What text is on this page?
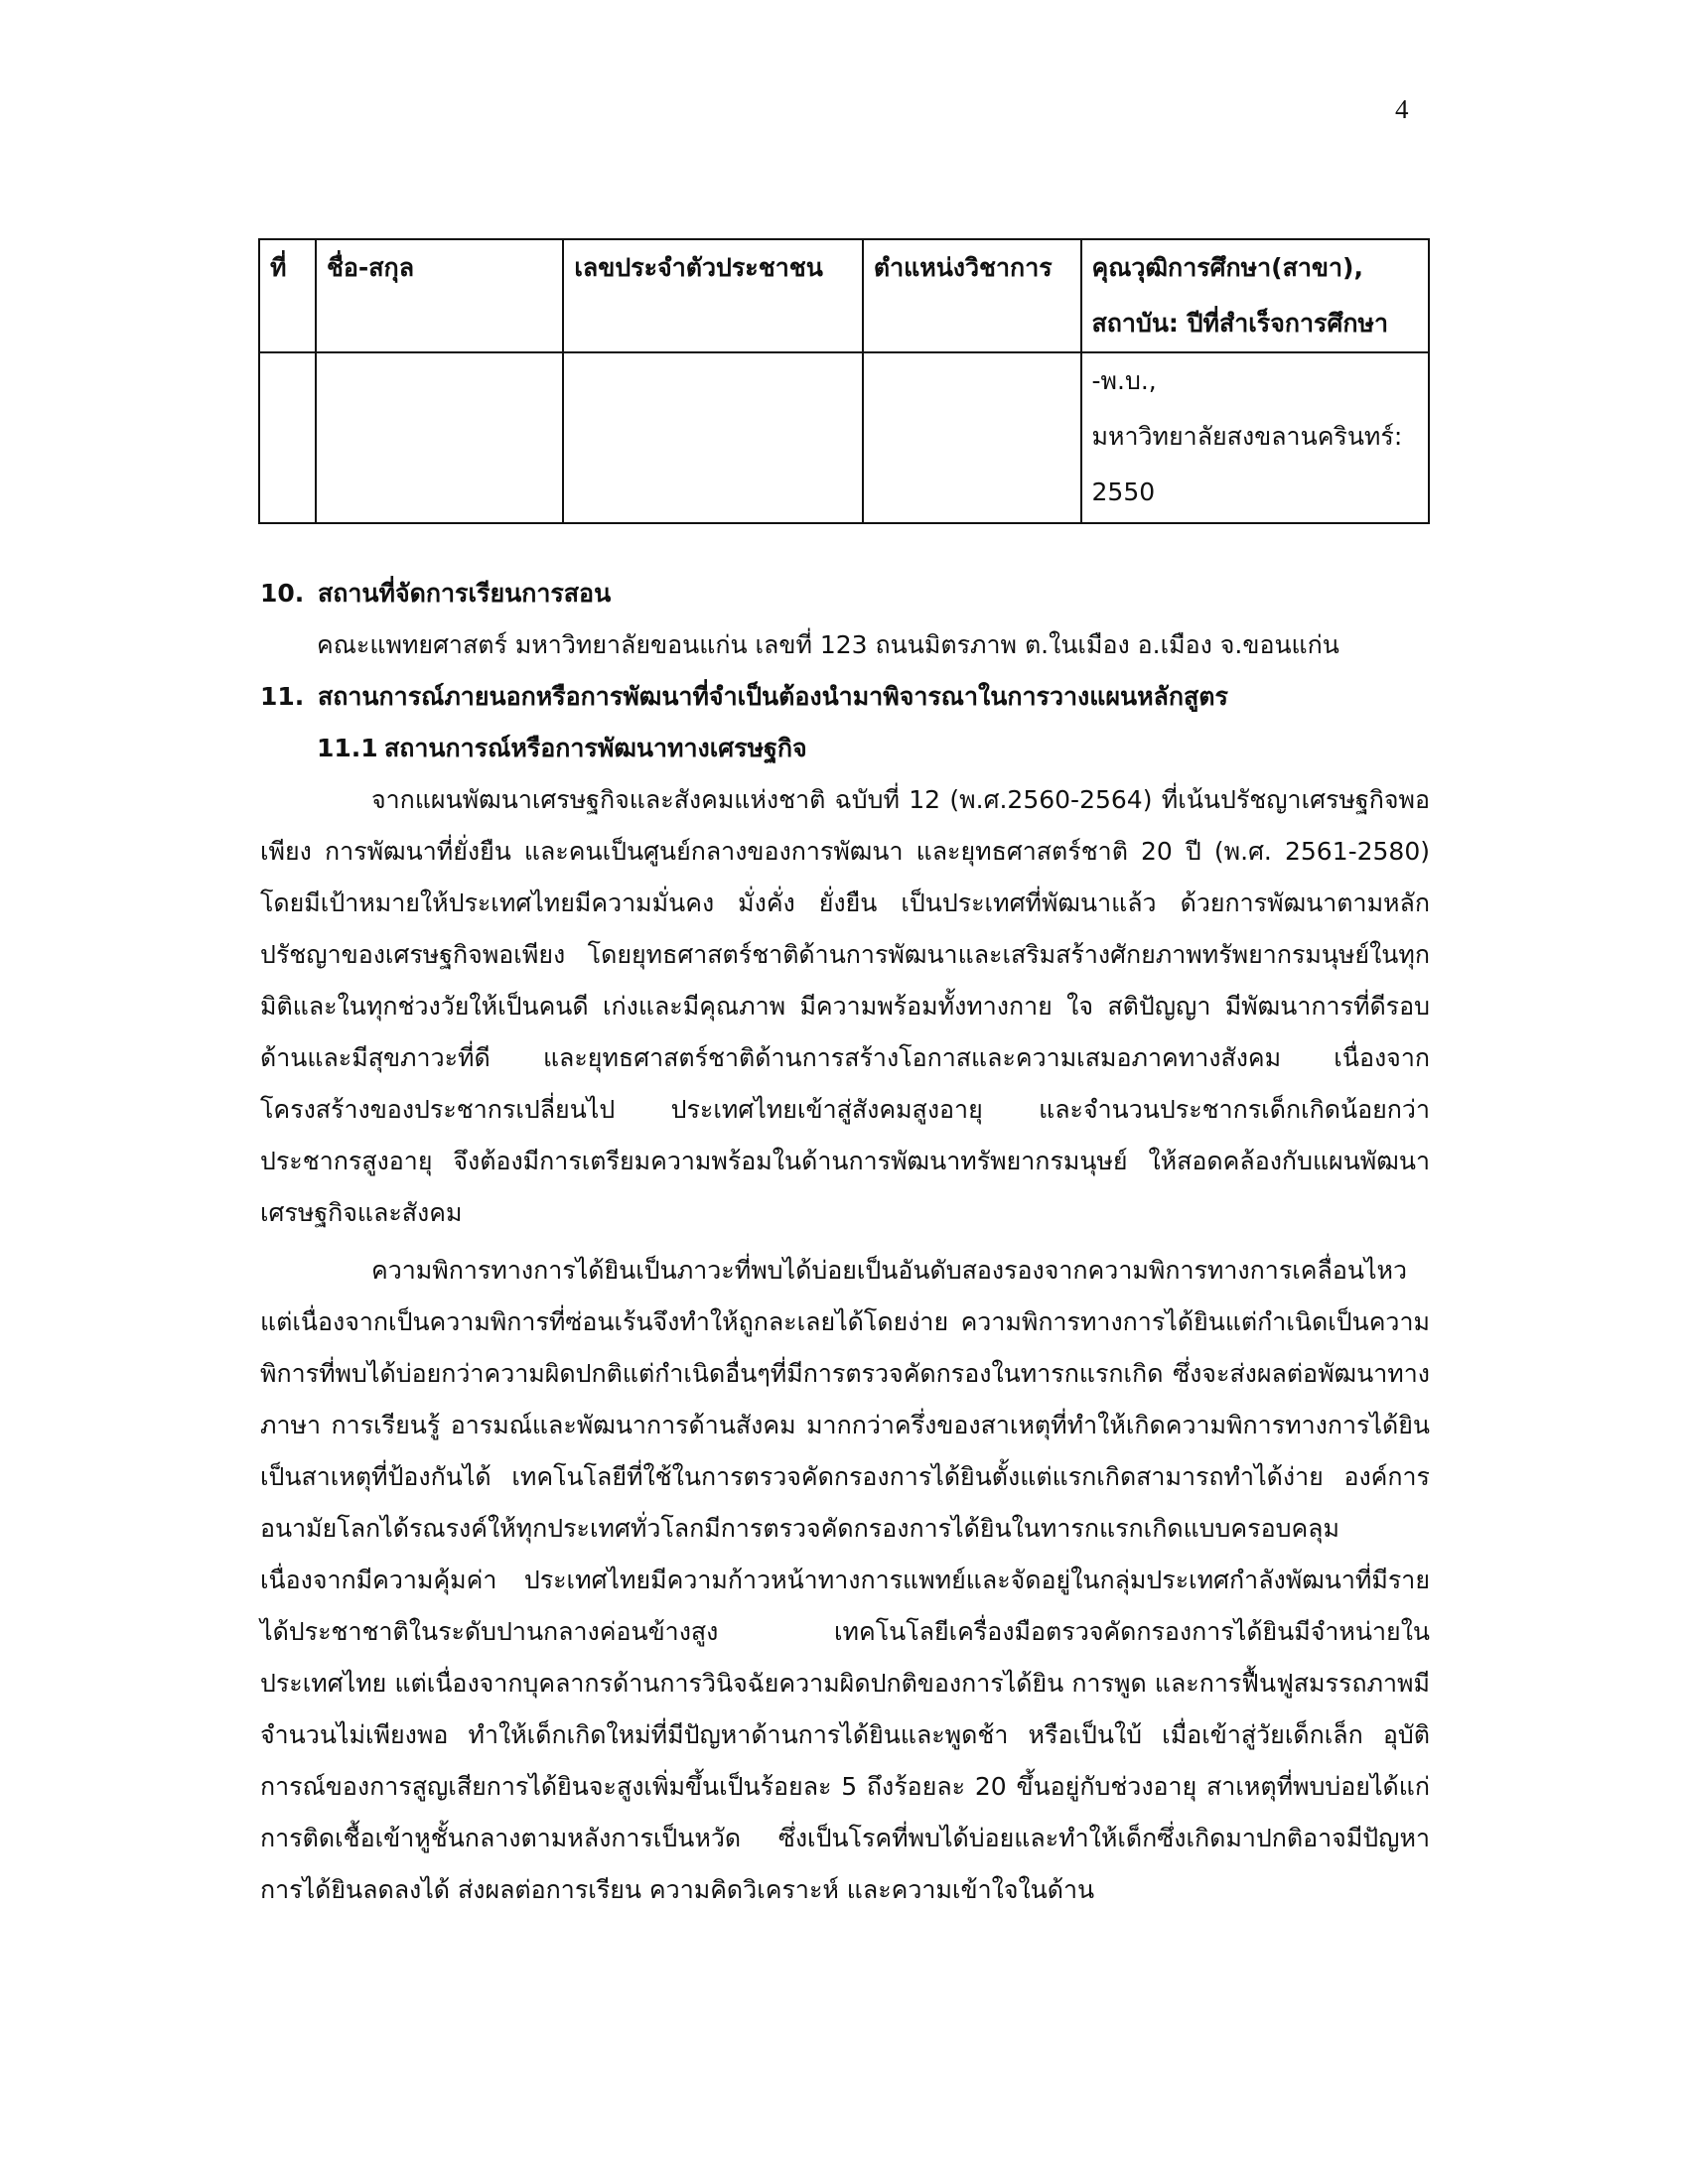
4
ที่	ชื่อ-สกุล	เลขประจำตัวประชาชน	ตำแหน่งวิชาการ	คุณวุฒิการศึกษา(สาขา),
สถาบัน: ปีที่สำเร็จการศึกษา

				-พ.บ.,
มหาวิทยาลัยสงขลานครินทร์:
2550
10. สถานที่จัดการเรียนการสอน
คณะแพทยศาสตร์ มหาวิทยาลัยขอนแก่น เลขที่ 123 ถนนมิตรภาพ ต.ในเมือง อ.เมือง จ.ขอนแก่น
11. สถานการณ์ภายนอกหรือการพัฒนาที่จำเป็นต้องนำมาพิจารณาในการวางแผนหลักสูตร
11.1 สถานการณ์หรือการพัฒนาทางเศรษฐกิจ

จากแผนพัฒนาเศรษฐกิจและสังคมแห่งชาติ ฉบับที่ 12 (พ.ศ.2560-2564) ที่เน้นปรัชญาเศรษฐกิจพอเพียง การพัฒนาที่ยั่งยืน และคนเป็นศูนย์กลางของการพัฒนา และยุทธศาสตร์ชาติ 20 ปี (พ.ศ. 2561-2580) โดยมีเป้าหมายให้ประเทศไทยมีความมั่นคง มั่งคั่ง ยั่งยืน เป็นประเทศที่พัฒนาแล้ว ด้วยการพัฒนาตามหลักปรัชญาของเศรษฐกิจพอเพียง โดยยุทธศาสตร์ชาติด้านการพัฒนาและเสริมสร้างศักยภาพทรัพยากรมนุษย์ในทุกมิติและในทุกช่วงวัยให้เป็นคนดี เก่งและมีคุณภาพ มีความพร้อมทั้งทางกาย ใจ สติปัญญา มีพัฒนาการที่ดีรอบด้านและมีสุขภาวะที่ดี และยุทธศาสตร์ชาติด้านการสร้างโอกาสและความเสมอภาคทางสังคม เนื่องจากโครงสร้างของประชากรเปลี่ยนไป ประเทศไทยเข้าสู่สังคมสูงอายุ และจำนวนประชากรเด็กเกิดน้อยกว่าประชากรสูงอายุ จึงต้องมีการเตรียมความพร้อมในด้านการพัฒนาทรัพยากรมนุษย์ ให้สอดคล้องกับแผนพัฒนาเศรษฐกิจและสังคม

ความพิการทางการได้ยินเป็นภาวะที่พบได้บ่อยเป็นอันดับสองรองจากความพิการทางการเคลื่อนไหว แต่เนื่องจากเป็นความพิการที่ซ่อนเร้นจึงทำให้ถูกละเลยได้โดยง่าย ความพิการทางการได้ยินแต่กำเนิดเป็นความพิการที่พบได้บ่อยกว่าความผิดปกติแต่กำเนิดอื่นๆที่มีการตรวจคัดกรองในทารกแรกเกิด ซึ่งจะส่งผลต่อพัฒนาทางภาษา การเรียนรู้ อารมณ์และพัฒนาการด้านสังคม มากกว่าครึ่งของสาเหตุที่ทำให้เกิดความพิการทางการได้ยินเป็นสาเหตุที่ป้องกันได้ เทคโนโลยีที่ใช้ในการตรวจคัดกรองการได้ยินตั้งแต่แรกเกิดสามารถทำได้ง่าย องค์การอนามัยโลกได้รณรงค์ให้ทุกประเทศทั่วโลกมีการตรวจคัดกรองการได้ยินในทารกแรกเกิดแบบครอบคลุม เนื่องจากมีความคุ้มค่า ประเทศไทยมีความก้าวหน้าทางการแพทย์และจัดอยู่ในกลุ่มประเทศกำลังพัฒนาที่มีรายได้ประชาชาติในระดับปานกลางค่อนข้างสูง เทคโนโลยีเครื่องมือตรวจคัดกรองการได้ยินมีจำหน่ายในประเทศไทย แต่เนื่องจากบุคลากรด้านการวินิจฉัยความผิดปกติของการได้ยิน การพูด และการฟื้นฟูสมรรถภาพมีจำนวนไม่เพียงพอ ทำให้เด็กเกิดใหม่ที่มีปัญหาด้านการได้ยินและพูดช้า หรือเป็นใบ้ เมื่อเข้าสู่วัยเด็กเล็ก อุบัติการณ์ของการสูญเสียการได้ยินจะสูงเพิ่มขึ้นเป็นร้อยละ 5 ถึงร้อยละ 20 ขึ้นอยู่กับช่วงอายุ สาเหตุที่พบบ่อยได้แก่ การติดเชื้อเข้าหูชั้นกลางตามหลังการเป็นหวัด ซึ่งเป็นโรคที่พบได้บ่อยและทำให้เด็กซึ่งเกิดมาปกติอาจมีปัญหาการได้ยินลดลงได้ ส่งผลต่อการเรียน ความคิดวิเคราะห์ และความเข้าใจในด้าน
